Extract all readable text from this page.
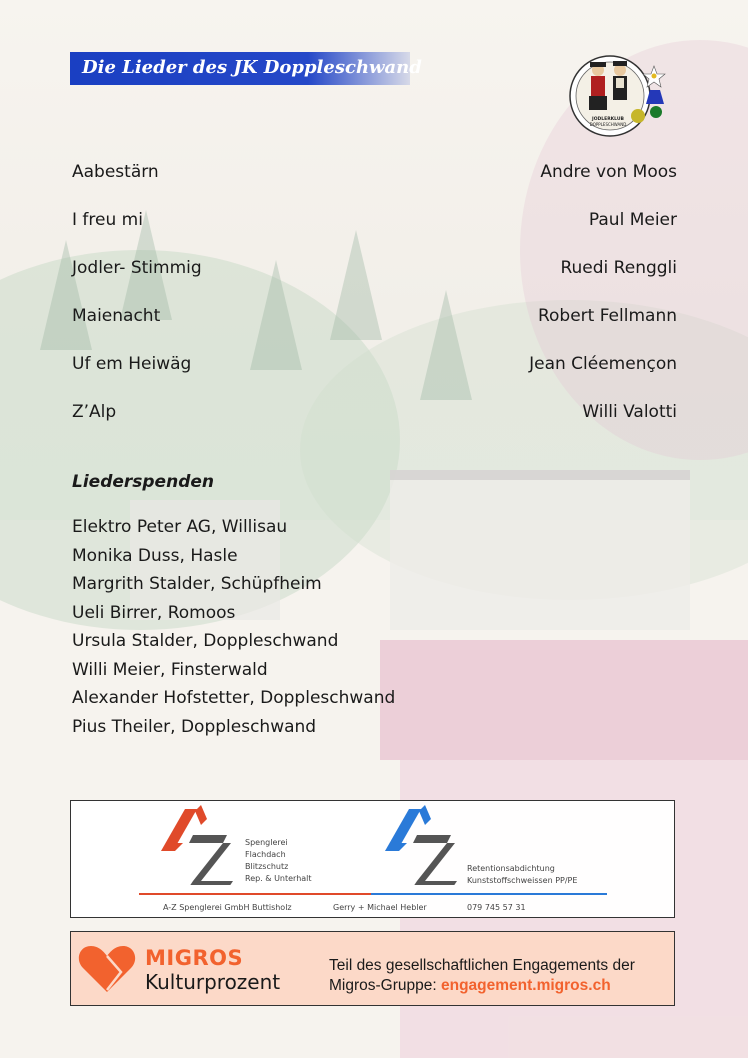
Die Lieder des JK Doppleschwand
JODLERKLUB
DOPPLESCHWAND
Aabestärn	Andre von Moos
I freu mi	Paul Meier
Jodler- Stimmig	Ruedi Renggli
Maienacht	Robert Fellmann
Uf em Heiwäg	Jean Cléemençon
Z’Alp	Willi Valotti
Liederspenden
Elektro Peter AG, Willisau
Monika Duss, Hasle
Margrith Stalder, Schüpfheim
Ueli Birrer, Romoos
Ursula Stalder, Doppleschwand
Willi Meier, Finsterwald
Alexander Hofstetter, Doppleschwand
Pius Theiler, Doppleschwand
Spenglerei
Flachdach
Blitzschutz
Rep. & Unterhalt
Retentionsabdichtung
Kunststoffschweissen PP/PE
A-Z Spenglerei GmbH Buttisholz	Gerry + Michael Hebler	079 745 57 31
MIGROS
Kulturprozent
Teil des gesellschaftlichen Engagements der
Migros-Gruppe: engagement.migros.ch
